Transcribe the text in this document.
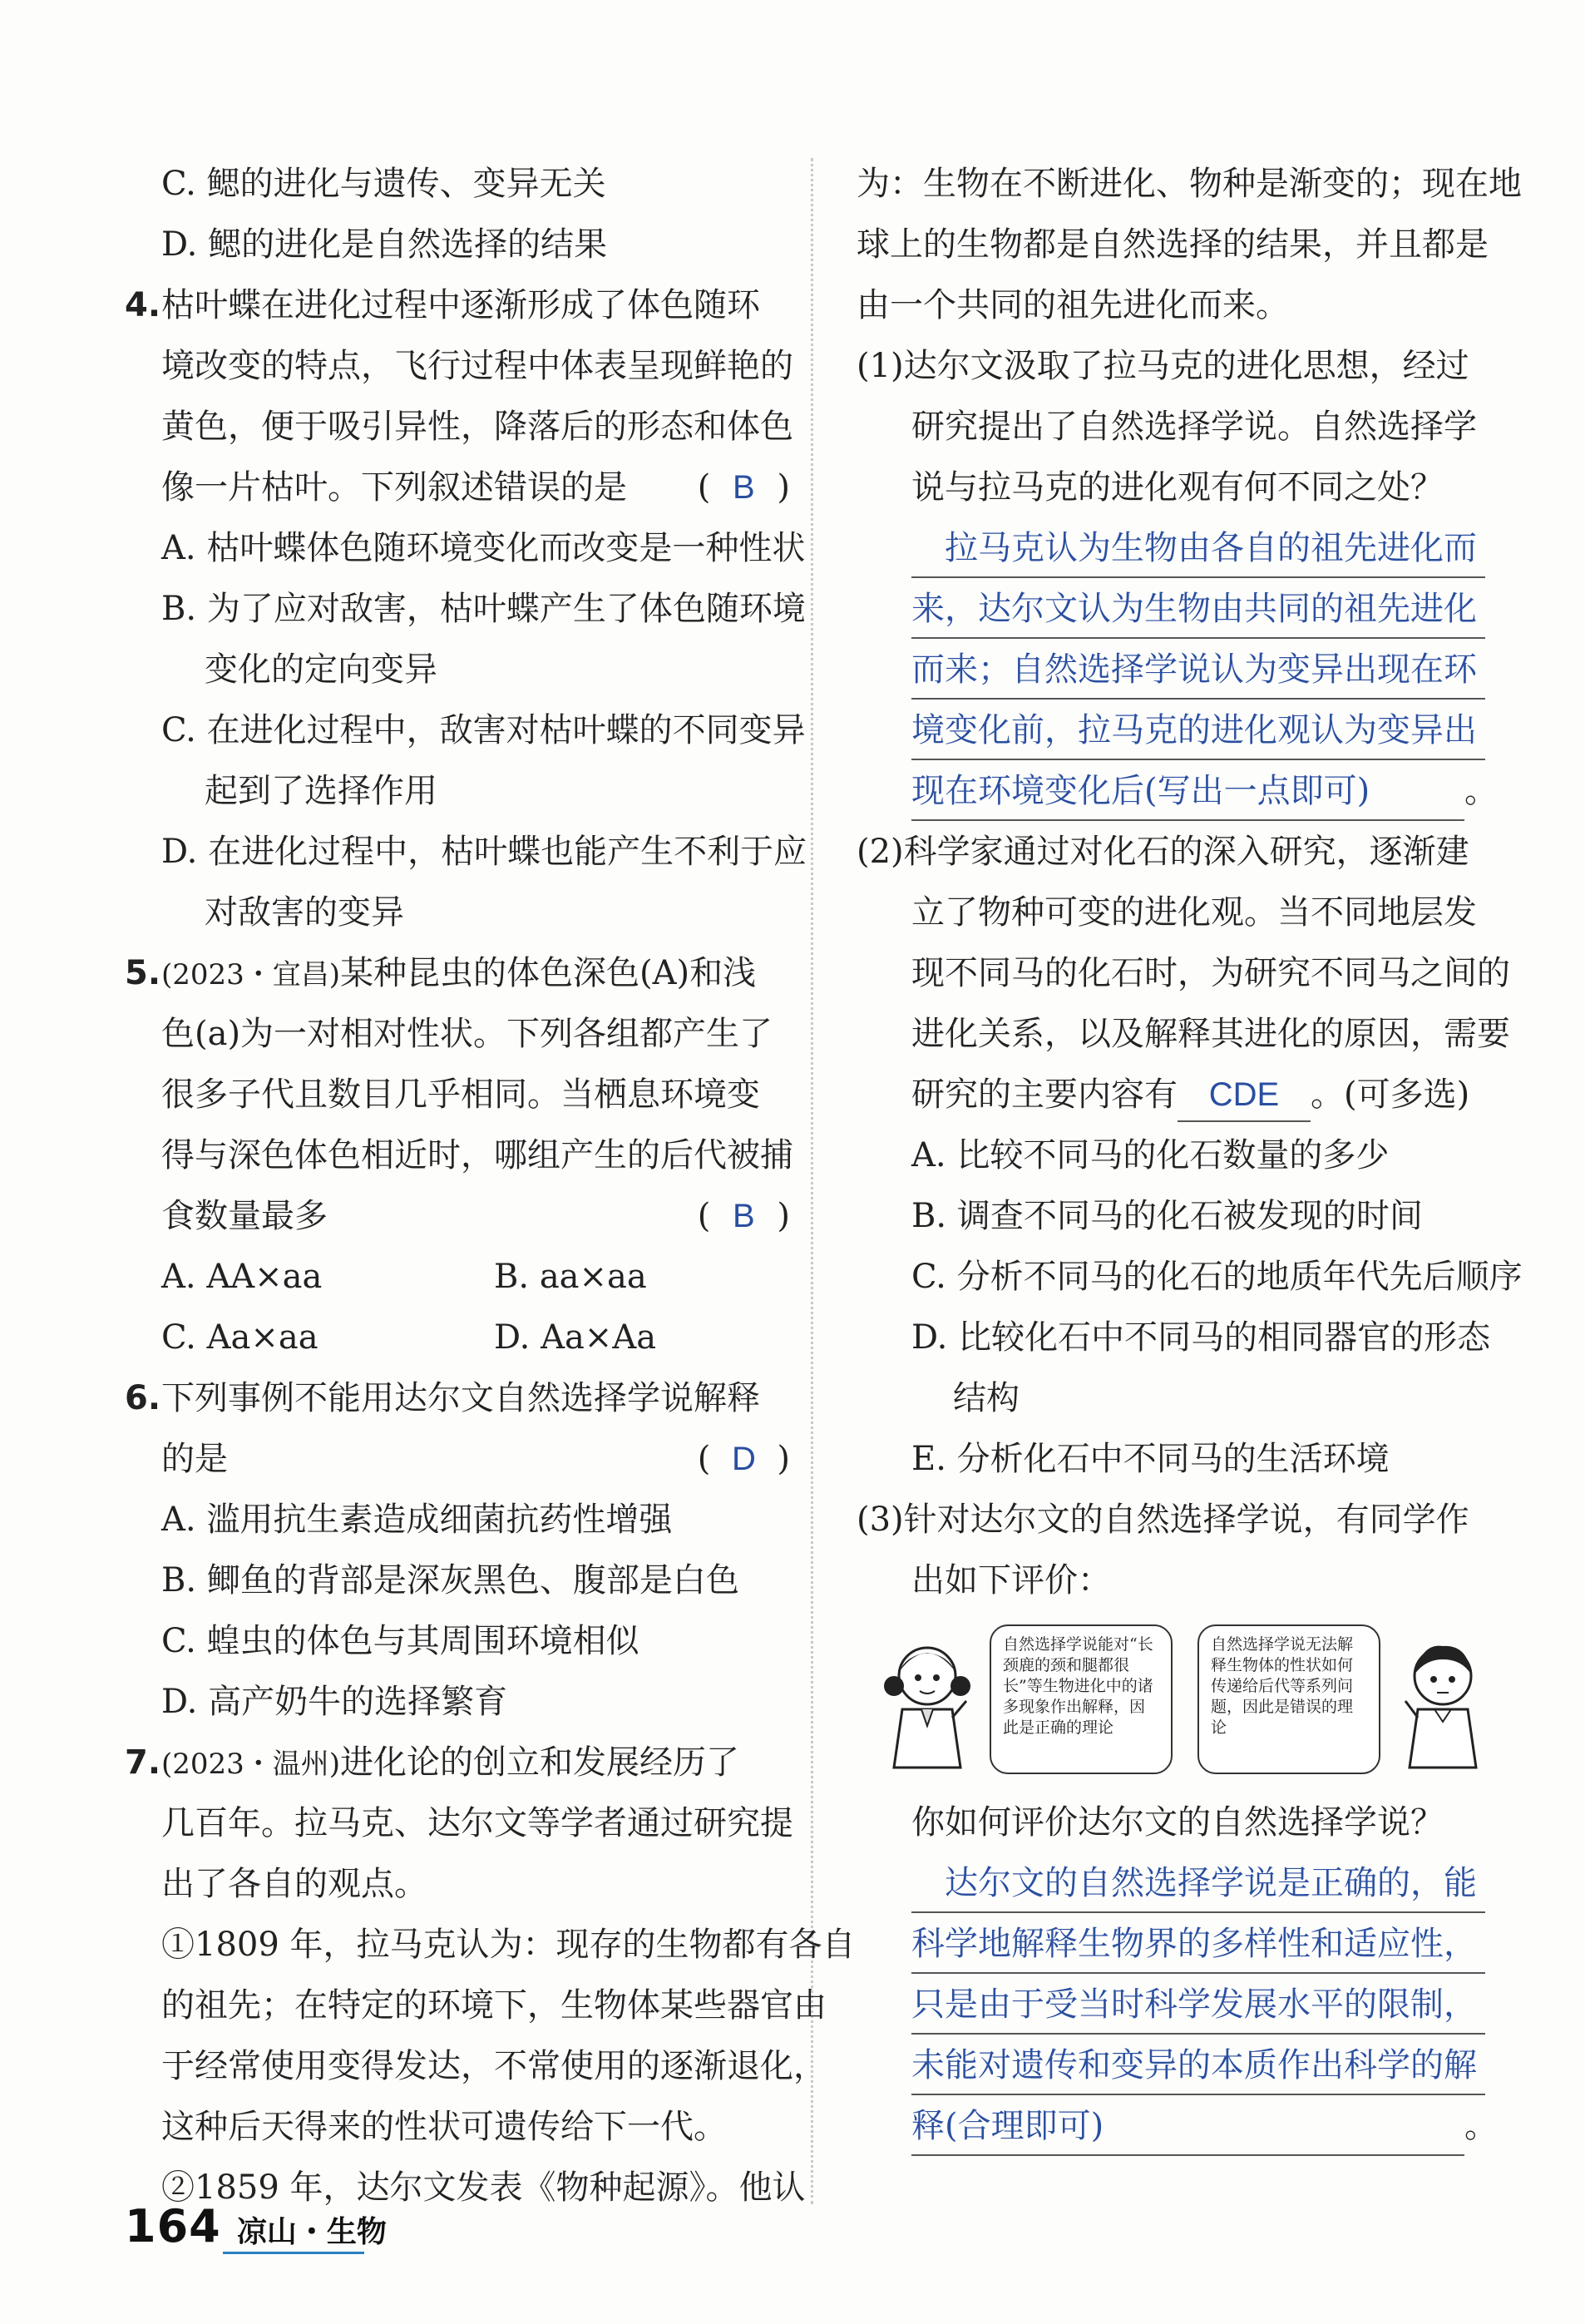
C. 鳃的进化与遗传、变异无关
D. 鳃的进化是自然选择的结果
4.枯叶蝶在进化过程中逐渐形成了体色随环
境改变的特点，飞行过程中体表呈现鲜艳的
黄色，便于吸引异性，降落后的形态和体色
像一片枯叶。下列叙述错误的是 ( B )
A. 枯叶蝶体色随环境变化而改变是一种性状
B. 为了应对敌害，枯叶蝶产生了体色随环境
变化的定向变异
C. 在进化过程中，敌害对枯叶蝶的不同变异
起到了选择作用
D. 在进化过程中，枯叶蝶也能产生不利于应
对敌害的变异
5.(2023・宜昌)某种昆虫的体色深色(A)和浅
色(a)为一对相对性状。下列各组都产生了
很多子代且数目几乎相同。当栖息环境变
得与深色体色相近时，哪组产生的后代被捕
食数量最多	( B )
A. AA×aa	B. aa×aa
C. Aa×aa	D. Aa×Aa
6.下列事例不能用达尔文自然选择学说解释
的是	( D )
A. 滥用抗生素造成细菌抗药性增强
B. 鲫鱼的背部是深灰黑色、腹部是白色
C. 蝗虫的体色与其周围环境相似
D. 高产奶牛的选择繁育
7.(2023・温州)进化论的创立和发展经历了
几百年。拉马克、达尔文等学者通过研究提
出了各自的观点。
①1809 年，拉马克认为：现存的生物都有各自
的祖先；在特定的环境下，生物体某些器官由
于经常使用变得发达，不常使用的逐渐退化，
这种后天得来的性状可遗传给下一代。
②1859 年，达尔文发表《物种起源》。他认
为：生物在不断进化、物种是渐变的；现在地
球上的生物都是自然选择的结果，并且都是
由一个共同的祖先进化而来。
(1)达尔文汲取了拉马克的进化思想，经过
研究提出了自然选择学说。自然选择学
说与拉马克的进化观有何不同之处？
拉马克认为生物由各自的祖先进化而
来，达尔文认为生物由共同的祖先进化
而来；自然选择学说认为变异出现在环
境变化前，拉马克的进化观认为变异出
现在环境变化后(写出一点即可)	。
(2)科学家通过对化石的深入研究，逐渐建
立了物种可变的进化观。当不同地层发
现不同马的化石时，为研究不同马之间的
进化关系，以及解释其进化的原因，需要
研究的主要内容有 CDE 。(可多选)
A. 比较不同马的化石数量的多少
B. 调查不同马的化石被发现的时间
C. 分析不同马的化石的地质年代先后顺序
D. 比较化石中不同马的相同器官的形态
结构
E. 分析化石中不同马的生活环境
(3)针对达尔文的自然选择学说，有同学作
出如下评价：
自然选择学说能对“长颈鹿的颈和腿都很长”等生物进化中的诸多现象作出解释，因此是正确的理论
自然选择学说无法解释生物体的性状如何传递给后代等系列问题，因此是错误的理论
你如何评价达尔文的自然选择学说？
达尔文的自然选择学说是正确的，能
科学地解释生物界的多样性和适应性，
只是由于受当时科学发展水平的限制，
未能对遗传和变异的本质作出科学的解
释(合理即可)	。
164 凉山・生物
